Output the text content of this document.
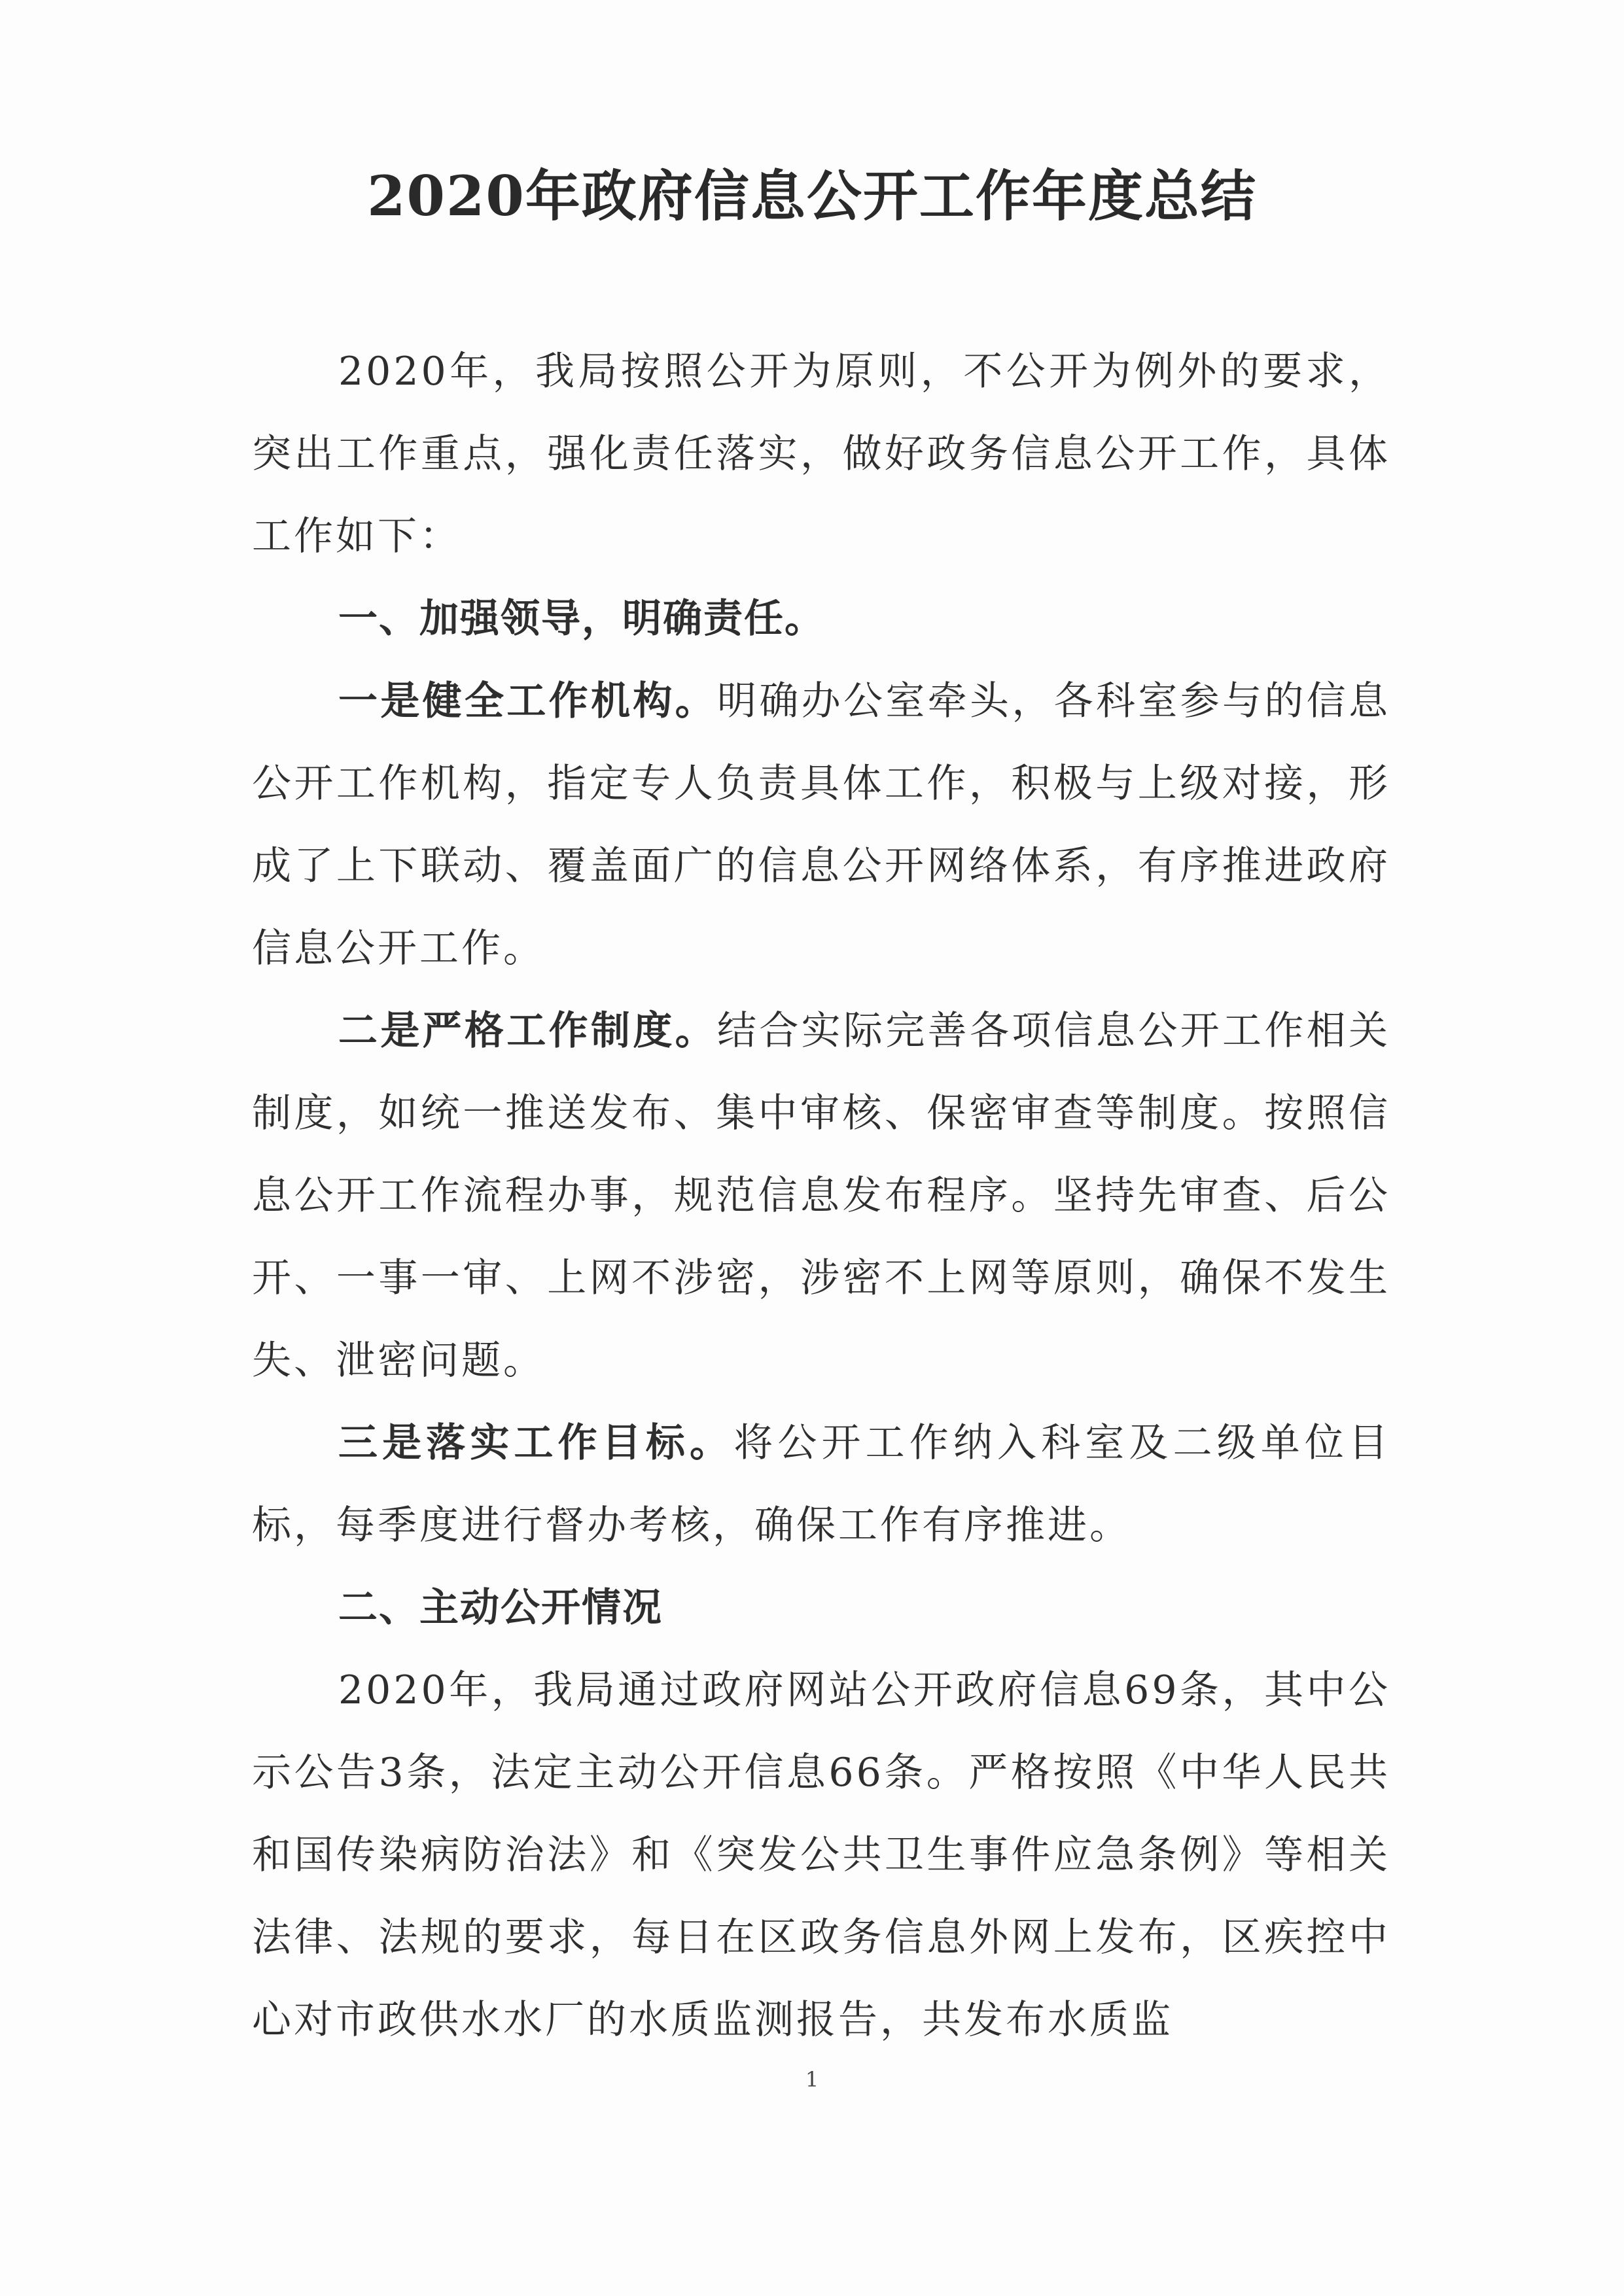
2020年政府信息公开工作年度总结

2020年，我局按照公开为原则，不公开为例外的要求，突出工作重点，强化责任落实，做好政务信息公开工作，具体工作如下：

一、加强领导，明确责任。

一是健全工作机构。明确办公室牵头，各科室参与的信息公开工作机构，指定专人负责具体工作，积极与上级对接，形成了上下联动、覆盖面广的信息公开网络体系，有序推进政府信息公开工作。

二是严格工作制度。结合实际完善各项信息公开工作相关制度，如统一推送发布、集中审核、保密审查等制度。按照信息公开工作流程办事，规范信息发布程序。坚持先审查、后公开、一事一审、上网不涉密，涉密不上网等原则，确保不发生失、泄密问题。

三是落实工作目标。将公开工作纳入科室及二级单位目标，每季度进行督办考核，确保工作有序推进。

二、主动公开情况

2020年，我局通过政府网站公开政府信息69条，其中公示公告3条，法定主动公开信息66条。严格按照《中华人民共和国传染病防治法》和《突发公共卫生事件应急条例》等相关法律、法规的要求，每日在区政务信息外网上发布，区疾控中心对市政供水水厂的水质监测报告，共发布水质监

1
